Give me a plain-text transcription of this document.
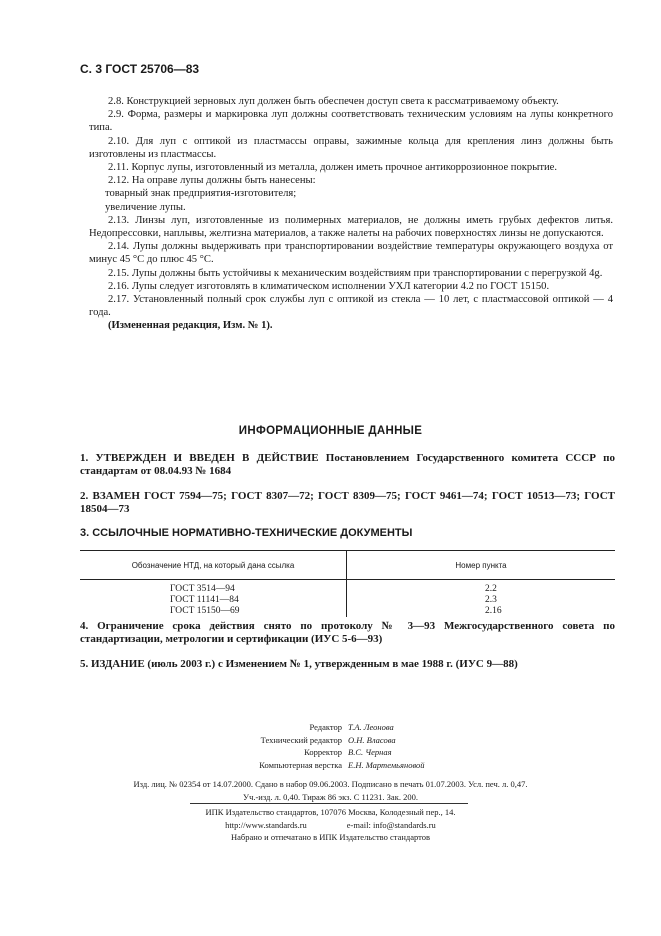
С. 3 ГОСТ 25706—83

2.8. Конструкцией зерновых луп должен быть обеспечен доступ света к рассматриваемому объекту.

2.9. Форма, размеры и маркировка луп должны соответствовать техническим условиям на лупы конкретного типа.

2.10. Для луп с оптикой из пластмассы оправы, зажимные кольца для крепления линз должны быть изготовлены из пластмассы.

2.11. Корпус лупы, изготовленный из металла, должен иметь прочное антикоррозионное покрытие.

2.12. На оправе лупы должны быть нанесены:

товарный знак предприятия-изготовителя;

увеличение лупы.

2.13. Линзы луп, изготовленные из полимерных материалов, не должны иметь грубых дефектов литья. Недопрессовки, наплывы, желтизна материалов, а также налеты на рабочих поверхностях линзы не допускаются.

2.14. Лупы должны выдерживать при транспортировании воздействие температуры окружающего воздуха от минус 45 °С до плюс 45 °С.

2.15. Лупы должны быть устойчивы к механическим воздействиям при транспортировании с перегрузкой 4g.

2.16. Лупы следует изготовлять в климатическом исполнении УХЛ категории 4.2 по ГОСТ 15150.

2.17. Установленный полный срок службы луп с оптикой из стекла — 10 лет, с пластмассовой оптикой — 4 года.

(Измененная редакция, Изм. № 1).

ИНФОРМАЦИОННЫЕ ДАННЫЕ
1. УТВЕРЖДЕН И ВВЕДЕН В ДЕЙСТВИЕ Постановлением Государственного комитета СССР по стандартам от 08.04.93 № 1684
2. ВЗАМЕН ГОСТ 7594—75; ГОСТ 8307—72; ГОСТ 8309—75; ГОСТ 9461—74; ГОСТ 10513—73; ГОСТ 18504—73
3. ССЫЛОЧНЫЕ НОРМАТИВНО-ТЕХНИЧЕСКИЕ ДОКУМЕНТЫ
Обозначение НТД, на который дана ссылка	Номер пункта
ГОСТ 3514—94	2.2
ГОСТ 11141—84	2.3
ГОСТ 15150—69	2.16
4. Ограничение срока действия снято по протоколу № 3—93 Межгосударственного совета по стандартизации, метрологии и сертификации (ИУС 5-6—93)
5. ИЗДАНИЕ (июль 2003 г.) с Изменением № 1, утвержденным в мае 1988 г. (ИУС 9—88)
Редактор Т.А. Леонова
Технический редактор О.Н. Власова
Корректор В.С. Черная
Компьютерная верстка Е.Н. Мартемьяновой
Изд. лиц. № 02354 от 14.07.2000. Сдано в набор 09.06.2003. Подписано в печать 01.07.2003. Усл. печ. л. 0,47.
Уч.-изд. л. 0,40. Тираж 86 экз. С 11231. Зак. 200.
ИПК Издательство стандартов, 107076 Москва, Колодезный пер., 14.
http://www.standards.ru	e-mail: info@standards.ru
Набрано и отпечатано в ИПК Издательство стандартов
